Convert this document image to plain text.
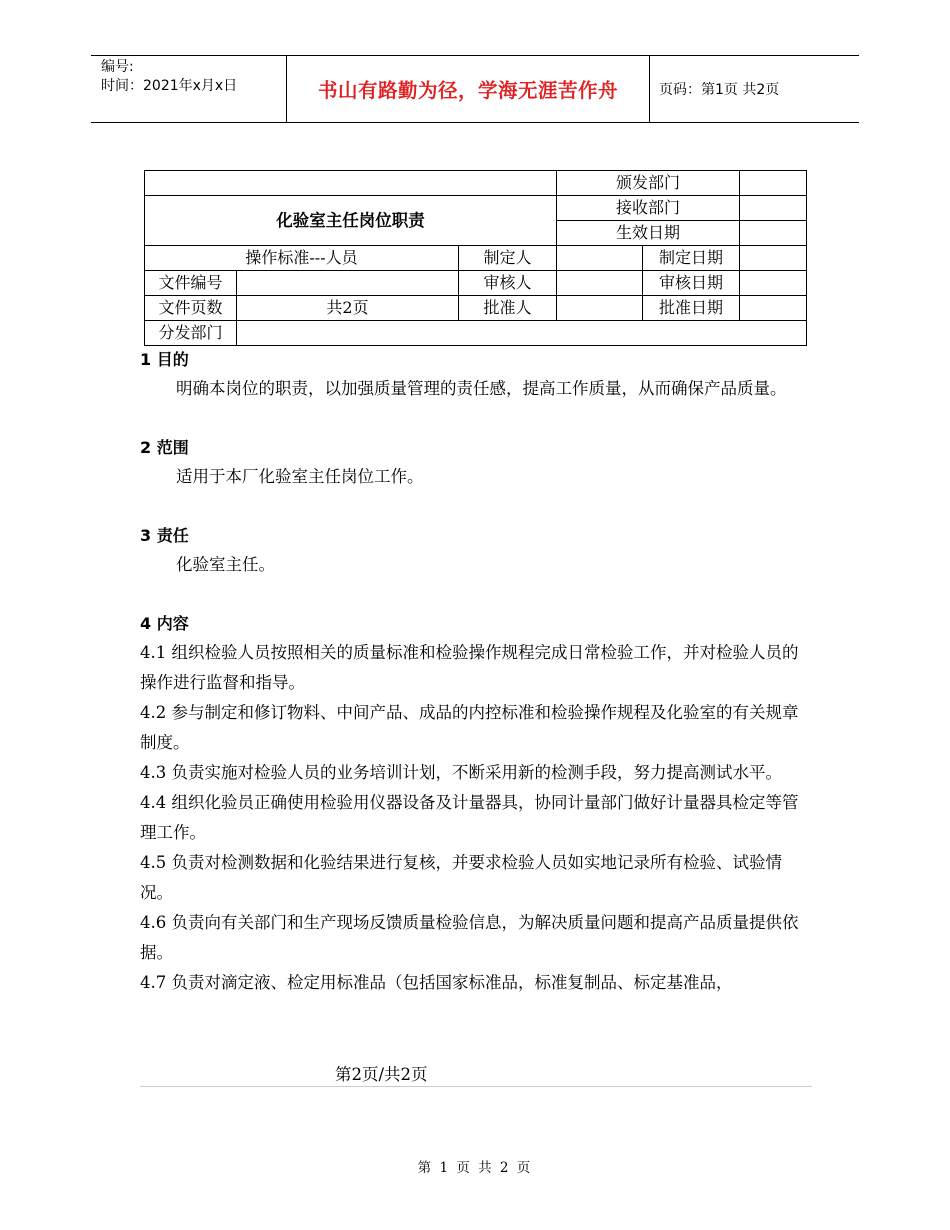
编号:
时间：2021年x月x日	书山有路勤为径，学海无涯苦作舟	页码：第1页 共2页
			颁发部门		
化验室主任岗位职责			接收部门		
			生效日期		
操作标准---人员		制定人		制定日期	
文件编号		审核人		审核日期	
文件页数	共2页	批准人		批准日期	
分发部门					
1 目的

明确本岗位的职责，以加强质量管理的责任感，提高工作质量，从而确保产品质量。

2 范围

适用于本厂化验室主任岗位工作。

3 责任

化验室主任。

4 内容

4.1 组织检验人员按照相关的质量标准和检验操作规程完成日常检验工作，并对检验人员的操作进行监督和指导。

4.2 参与制定和修订物料、中间产品、成品的内控标准和检验操作规程及化验室的有关规章制度。

4.3 负责实施对检验人员的业务培训计划，不断采用新的检测手段，努力提高测试水平。

4.4 组织化验员正确使用检验用仪器设备及计量器具，协同计量部门做好计量器具检定等管理工作。

4.5 负责对检测数据和化验结果进行复核，并要求检验人员如实地记录所有检验、试验情况。

4.6 负责向有关部门和生产现场反馈质量检验信息，为解决质量问题和提高产品质量提供依据。

4.7 负责对滴定液、检定用标准品（包括国家标准品，标准复制品、标定基准品，

第2页/共2页
第 1 页 共 2 页
